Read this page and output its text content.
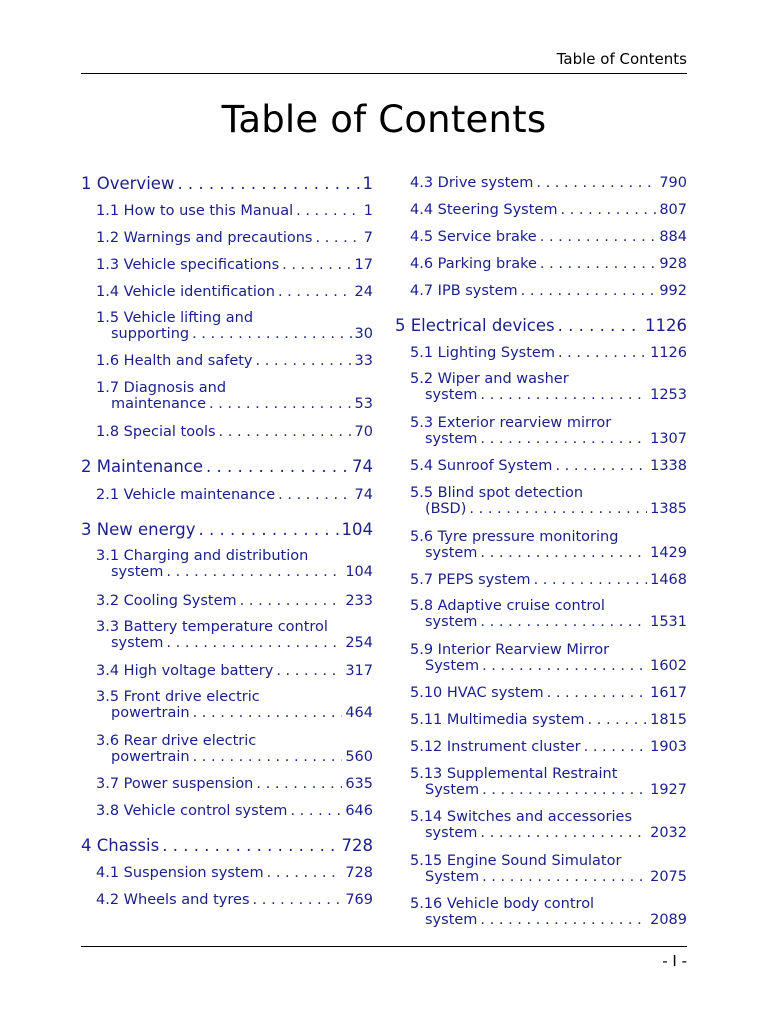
Table of Contents
Table of Contents
1 Overview . . .	1
1.1 How to use this Manual . . .	1
1.2 Warnings and precautions . . .	7
1.3 Vehicle specifications . . .	17
1.4 Vehicle identification . . .	24
1.5 Vehicle lifting and
supporting . . .	30
1.6 Health and safety . . .	33
1.7 Diagnosis and
maintenance . . .	53
1.8 Special tools . . .	70
2 Maintenance . . .	74
2.1 Vehicle maintenance . . .	74
3 New energy . . .	104
3.1 Charging and distribution
system . . .	104
3.2 Cooling System . . .	233
3.3 Battery temperature control
system . . .	254
3.4 High voltage battery . . .	317
3.5 Front drive electric
powertrain . . .	464
3.6 Rear drive electric
powertrain . . .	560
3.7 Power suspension . . .	635
3.8 Vehicle control system . . .	646
4 Chassis . . .	728
4.1 Suspension system . . .	728
4.2 Wheels and tyres . . .	769
4.3 Drive system . . .	790
4.4 Steering System . . .	807
4.5 Service brake . . .	884
4.6 Parking brake . . .	928
4.7 IPB system . . .	992
5 Electrical devices . . .	1126
5.1 Lighting System . . .	1126
5.2 Wiper and washer
system . . .	1253
5.3 Exterior rearview mirror
system . . .	1307
5.4 Sunroof System . . .	1338
5.5 Blind spot detection
(BSD) . . .	1385
5.6 Tyre pressure monitoring
system . . .	1429
5.7 PEPS system . . .	1468
5.8 Adaptive cruise control
system . . .	1531
5.9 Interior Rearview Mirror
System . . .	1602
5.10 HVAC system . . .	1617
5.11 Multimedia system . . .	1815
5.12 Instrument cluster . . .	1903
5.13 Supplemental Restraint
System . . .	1927
5.14 Switches and accessories
system . . .	2032
5.15 Engine Sound Simulator
System . . .	2075
5.16 Vehicle body control
system . . .	2089
- I -
